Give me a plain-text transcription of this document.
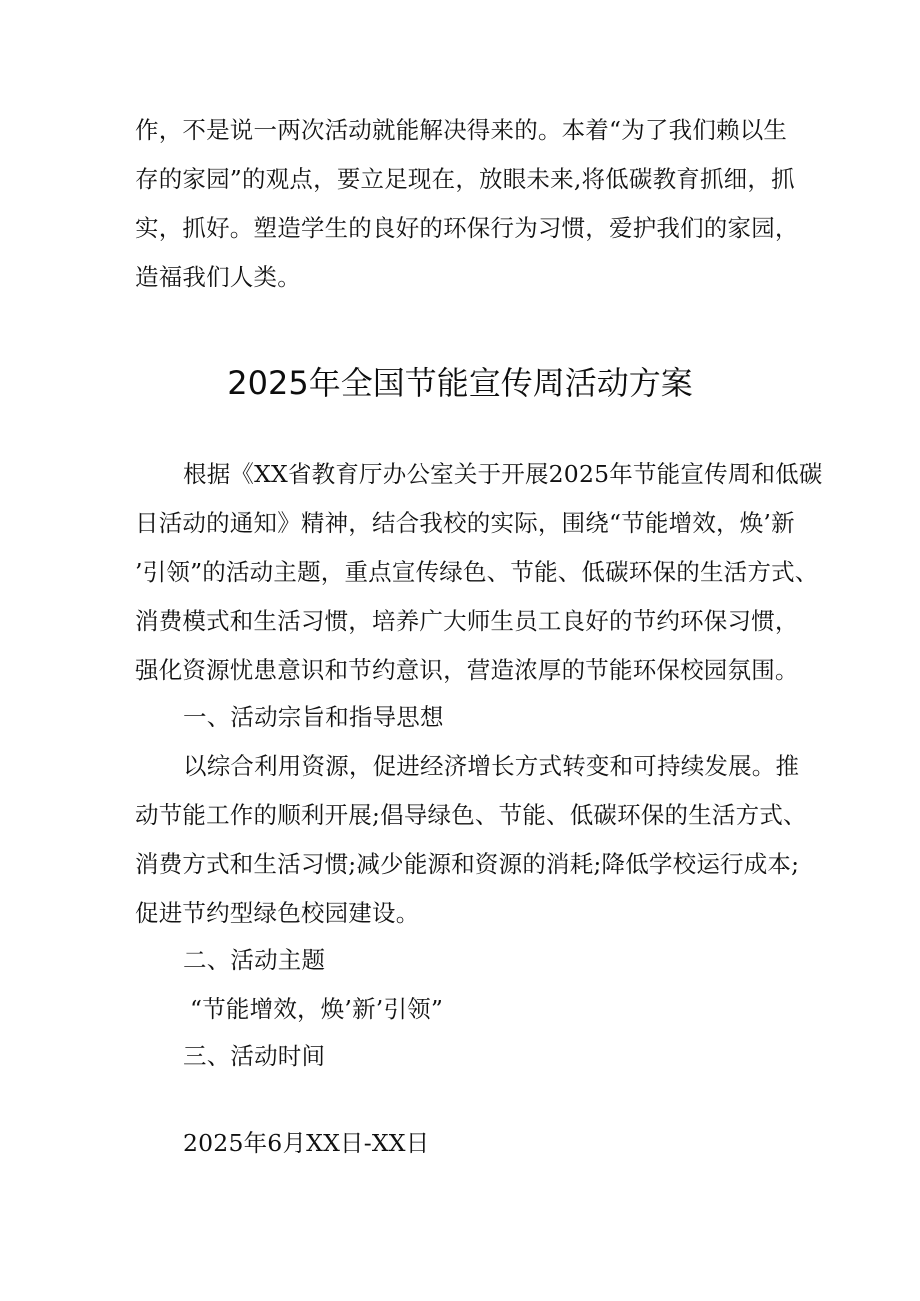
作，不是说一两次活动就能解决得来的。本着“为了我们赖以生

存的家园”的观点，要立足现在，放眼未来,将低碳教育抓细，抓

实，抓好。塑造学生的良好的环保行为习惯，爱护我们的家园，

造福我们人类。

2025年全国节能宣传周活动方案

根据《XX省教育厅办公室关于开展2025年节能宣传周和低碳

日活动的通知》精神，结合我校的实际，围绕“节能增效，焕’新

’引领”的活动主题，重点宣传绿色、节能、低碳环保的生活方式、

消费模式和生活习惯，培养广大师生员工良好的节约环保习惯，

强化资源忧患意识和节约意识，营造浓厚的节能环保校园氛围。

一、活动宗旨和指导思想

以综合利用资源，促进经济增长方式转变和可持续发展。推

动节能工作的顺利开展;倡导绿色、节能、低碳环保的生活方式、

消费方式和生活习惯;减少能源和资源的消耗;降低学校运行成本;

促进节约型绿色校园建设。

二、活动主题

“节能增效，焕’新’引领”

三、活动时间

2025年6月XX日-XX日
